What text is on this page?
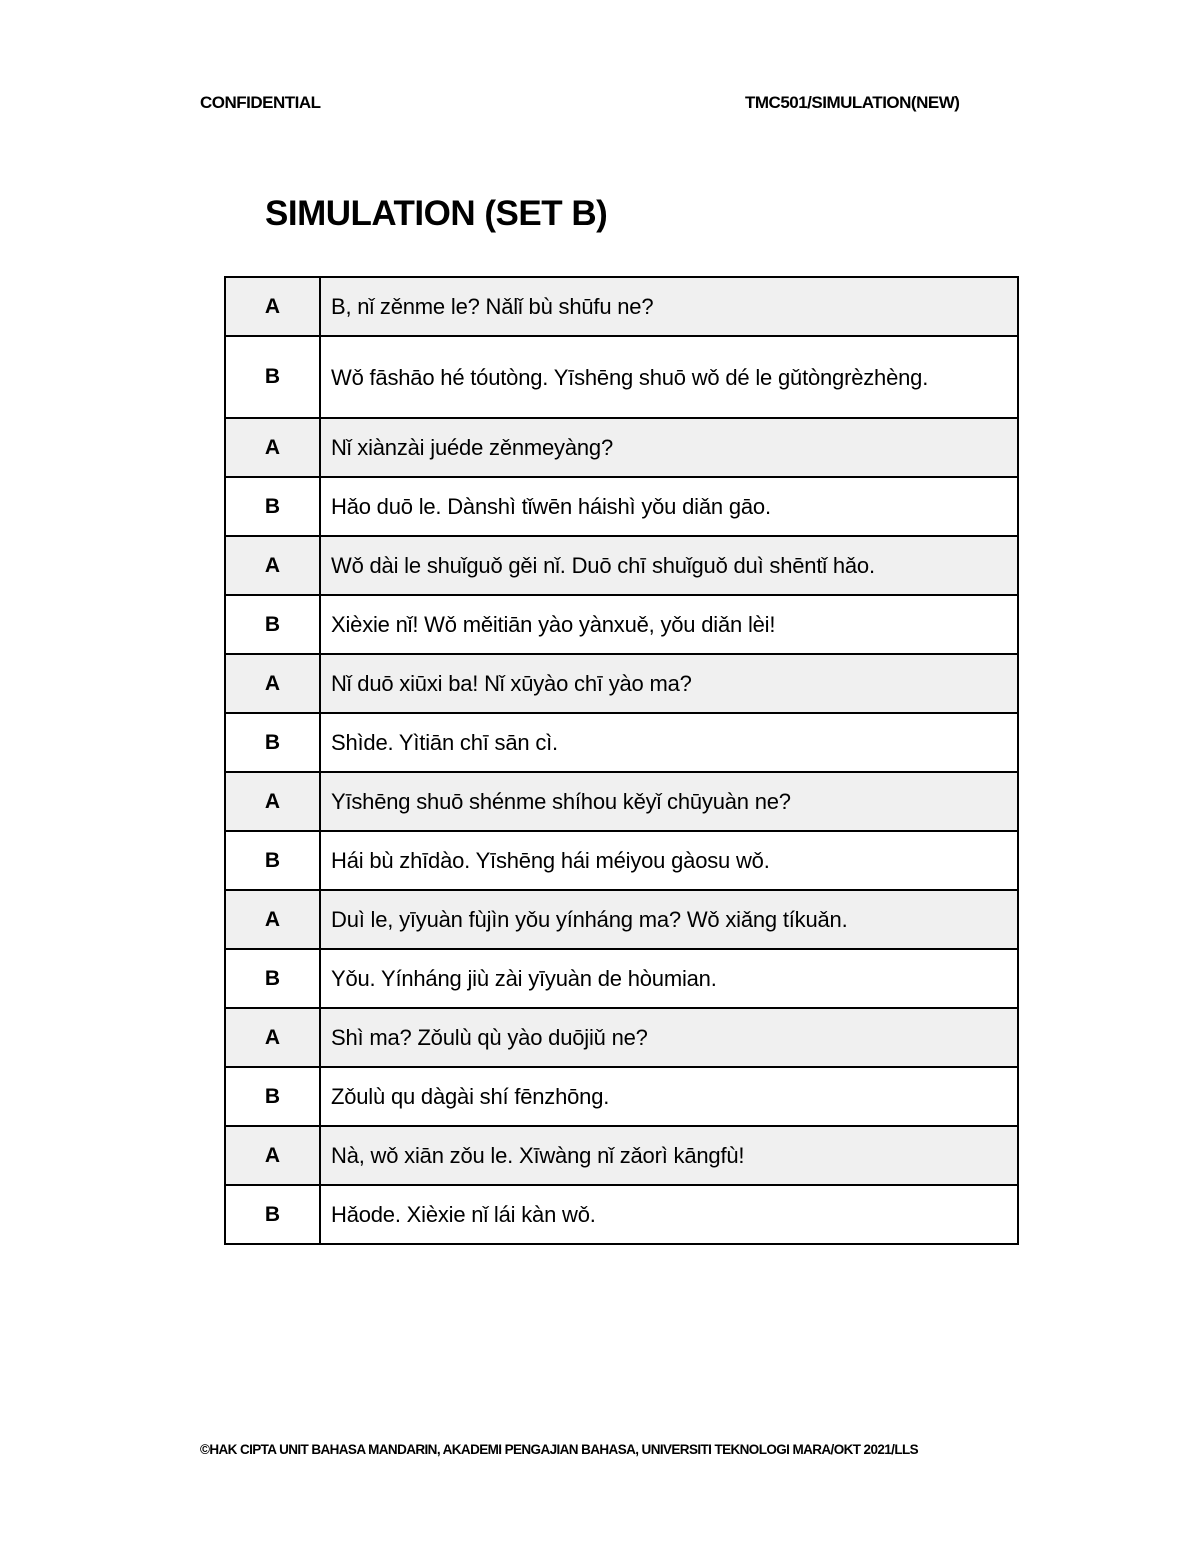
CONFIDENTIAL	TMC501/SIMULATION(NEW)
SIMULATION (SET B)
A	B, nǐ zěnme le? Nǎlǐ bù shūfu ne?
B	Wǒ fāshāo hé tóutòng. Yīshēng shuō wǒ dé le gǔtòngrèzhèng.
A	Nǐ xiànzài juéde zěnmeyàng?
B	Hǎo duō le. Dànshì tǐwēn háishì yǒu diǎn gāo.
A	Wǒ dài le shuǐguǒ gěi nǐ. Duō chī shuǐguǒ duì shēntǐ hǎo.
B	Xièxie nǐ! Wǒ měitiān yào yànxuě, yǒu diǎn lèi!
A	Nǐ duō xiūxi ba! Nǐ xūyào chī yào ma?
B	Shìde. Yìtiān chī sān cì.
A	Yīshēng shuō shénme shíhou kěyǐ chūyuàn ne?
B	Hái bù zhīdào. Yīshēng hái méiyou gàosu wǒ.
A	Duì le, yīyuàn fùjìn yǒu yínháng ma? Wǒ xiǎng tíkuǎn.
B	Yǒu. Yínháng jiù zài yīyuàn de hòumian.
A	Shì ma? Zǒulù qù yào duōjiǔ ne?
B	Zǒulù qu dàgài shí fēnzhōng.
A	Nà, wǒ xiān zǒu le. Xīwàng nǐ zǎorì kāngfù!
B	Hǎode. Xièxie nǐ lái kàn wǒ.
©HAK CIPTA UNIT BAHASA MANDARIN, AKADEMI PENGAJIAN BAHASA, UNIVERSITI TEKNOLOGI MARA/OKT 2021/LLS
